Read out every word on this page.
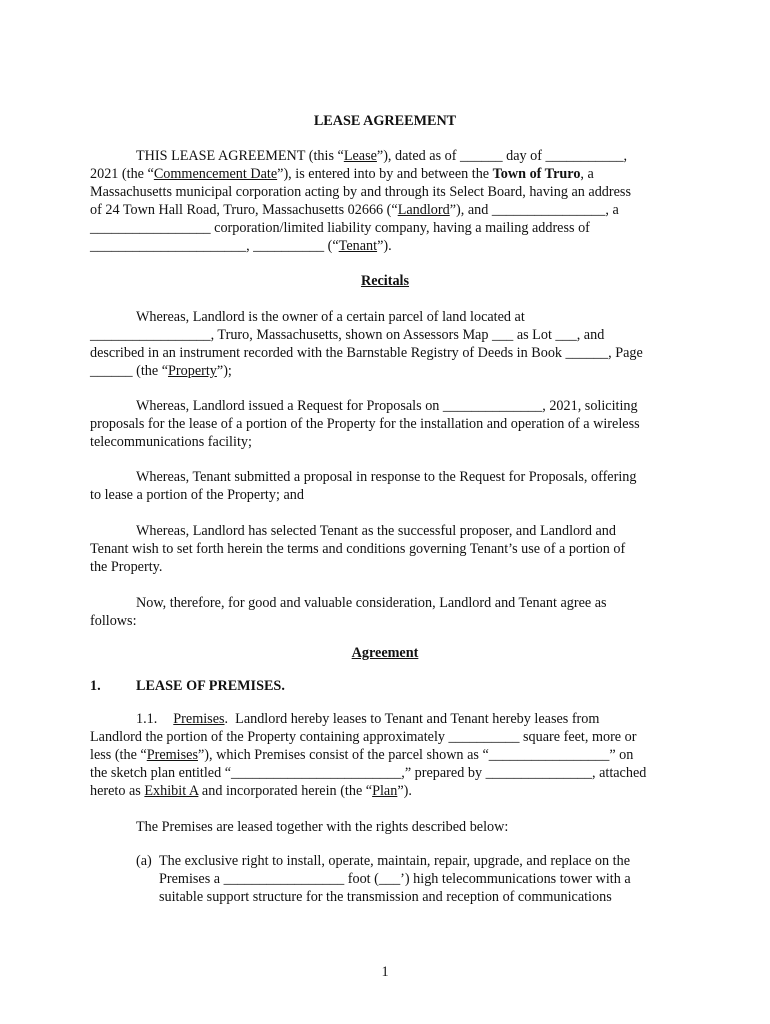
LEASE AGREEMENT
THIS LEASE AGREEMENT (this “Lease”), dated as of ______ day of ___________,
2021 (the “Commencement Date”), is entered into by and between the Town of Truro, a
Massachusetts municipal corporation acting by and through its Select Board, having an address
of 24 Town Hall Road, Truro, Massachusetts 02666 (“Landlord”), and ________________, a
_________________ corporation/limited liability company, having a mailing address of
______________________, __________ (“Tenant”).
Recitals
Whereas, Landlord is the owner of a certain parcel of land located at
_________________, Truro, Massachusetts, shown on Assessors Map ___ as Lot ___, and
described in an instrument recorded with the Barnstable Registry of Deeds in Book ______, Page
______ (the “Property”);
Whereas, Landlord issued a Request for Proposals on ______________, 2021, soliciting
proposals for the lease of a portion of the Property for the installation and operation of a wireless
telecommunications facility;
Whereas, Tenant submitted a proposal in response to the Request for Proposals, offering
to lease a portion of the Property; and
Whereas, Landlord has selected Tenant as the successful proposer, and Landlord and
Tenant wish to set forth herein the terms and conditions governing Tenant’s use of a portion of
the Property.
Now, therefore, for good and valuable consideration, Landlord and Tenant agree as
follows:
Agreement
1. LEASE OF PREMISES.
1.1. Premises.  Landlord hereby leases to Tenant and Tenant hereby leases from
Landlord the portion of the Property containing approximately __________ square feet, more or
less (the “Premises”), which Premises consist of the parcel shown as “_________________” on
the sketch plan entitled “________________________,” prepared by _______________, attached
hereto as Exhibit A and incorporated herein (the “Plan”).
The Premises are leased together with the rights described below:
(a) The exclusive right to install, operate, maintain, repair, upgrade, and replace on the
Premises a _________________ foot (___’) high telecommunications tower with a
suitable support structure for the transmission and reception of communications
1
